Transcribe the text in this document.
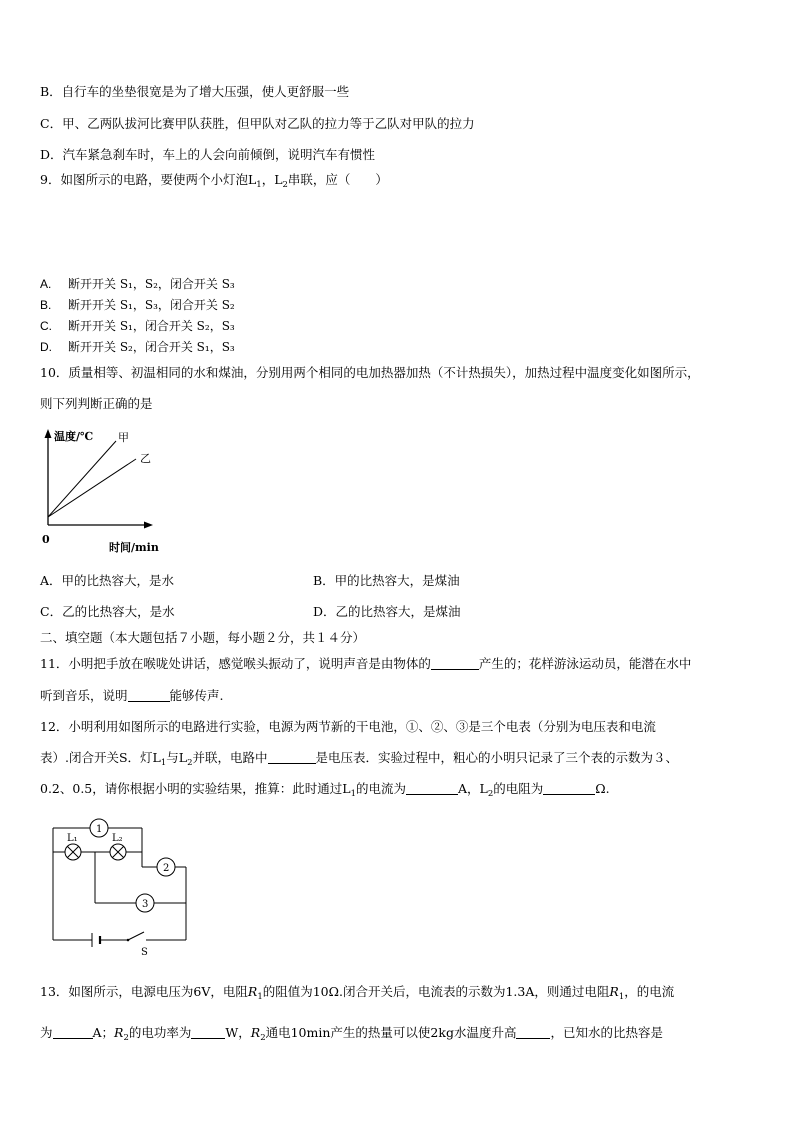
B．自行车的坐垫很宽是为了增大压强，使人更舒服一些
C．甲、乙两队拔河比赛甲队获胜，但甲队对乙队的拉力等于乙队对甲队的拉力
D．汽车紧急刹车时，车上的人会向前倾倒，说明汽车有惯性
9．如图所示的电路，要使两个小灯泡$L_1$，$L_2$串联，应（　　）
A. 断开开关 S₁，S₂，闭合开关 S₃
B. 断开开关 S₁，S₃，闭合开关 S₂
C. 断开开关 S₁，闭合开关 S₂，S₃
D. 断开开关 S₂，闭合开关 S₁，S₃
10．质量相等、初温相同的水和煤油，分别用两个相同的电加热器加热（不计热损失），加热过程中温度变化如图所示，
则下列判断正确的是
温度/℃ 甲
乙
0
时间/min
A．甲的比热容大，是水	B．甲的比热容大，是煤油
C．乙的比热容大，是水	D．乙的比热容大，是煤油
二、填空题（本大题包括７小题，每小题２分，共１４分）
11．小明把手放在喉咙处讲话，感觉喉头振动了，说明声音是由物体的	产生的；花样游泳运动员，能潜在水中
听到音乐，说明	能够传声.
12．小明利用如图所示的电路进行实验，电源为两节新的干电池，①、②、③是三个电表（分别为电压表和电流
表）.闭合开关S．灯$L_1$与$L_2$并联，电路中	是电压表．实验过程中，粗心的小明只记录了三个表的示数为３、
0.2、0.5，请你根据小明的实验结果，推算：此时通过$L_1$的电流为	A，$L_2$的电阻为	Ω.
1
2
3
L₁	L₂
S
13．如图所示，电源电压为6V，电阻$R_1$的阻值为10Ω.闭合开关后，电流表的示数为1.3A，则通过电阻$R_1$，的电流
为	A；$R_2$的电功率为	W，$R_2$通电10min产生的热量可以使2kg水温度升高	，已知水的比热容是
